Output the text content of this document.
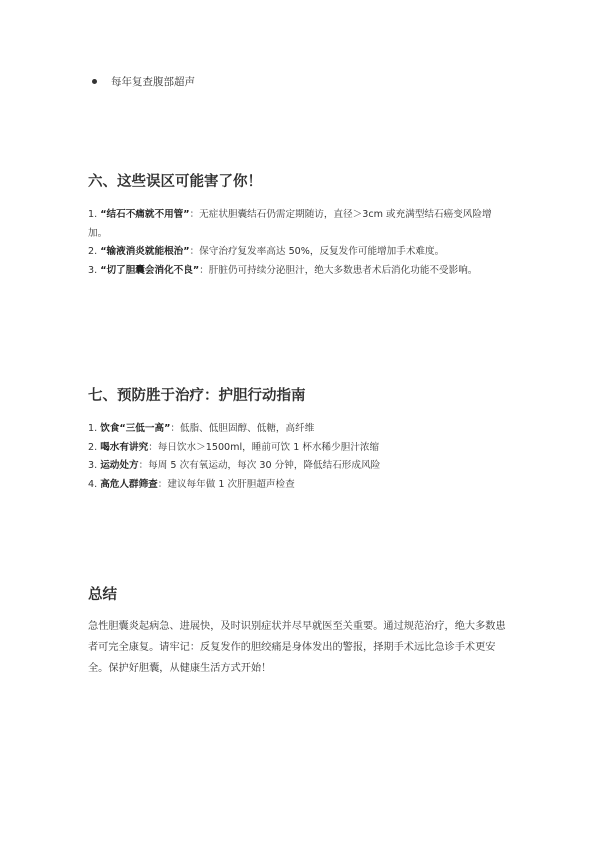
每年复查腹部超声
六、这些误区可能害了你！
1. “结石不痛就不用管”：无症状胆囊结石仍需定期随访，直径＞3cm 或充满型结石癌变风险增加。
2. “输液消炎就能根治”：保守治疗复发率高达 50%，反复发作可能增加手术难度。
3. “切了胆囊会消化不良”：肝脏仍可持续分泌胆汁，绝大多数患者术后消化功能不受影响。
七、预防胜于治疗：护胆行动指南
1. 饮食“三低一高”：低脂、低胆固醇、低糖，高纤维
2. 喝水有讲究：每日饮水＞1500ml，睡前可饮 1 杯水稀少胆汁浓缩
3. 运动处方：每周 5 次有氧运动，每次 30 分钟，降低结石形成风险
4. 高危人群筛查：建议每年做 1 次肝胆超声检查
总结

急性胆囊炎起病急、进展快，及时识别症状并尽早就医至关重要。通过规范治疗，绝大多数患者可完全康复。请牢记：反复发作的胆绞痛是身体发出的警报，择期手术远比急诊手术更安全。保护好胆囊，从健康生活方式开始！
